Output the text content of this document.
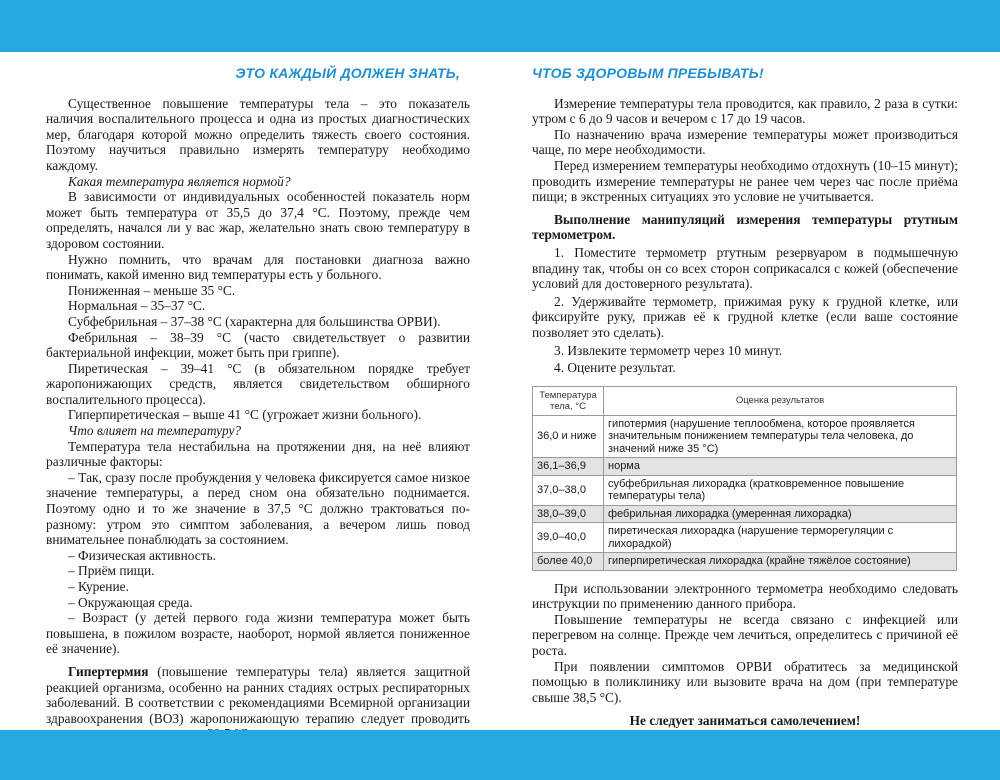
ЭТО КАЖДЫЙ ДОЛЖЕН ЗНАТЬ,

Существенное повышение температуры тела – это показатель наличия воспалительного процесса и одна из простых диагностических мер, благодаря которой можно определить тяжесть своего состояния. Поэтому научиться правильно измерять температуру необходимо каждому.

Какая температура является нормой?

В зависимости от индивидуальных особенностей показатель норм может быть температура от 35,5 до 37,4 °С. Поэтому, прежде чем определять, начался ли у вас жар, желательно знать свою температуру в здоровом состоянии.

Нужно помнить, что врачам для постановки диагноза важно понимать, какой именно вид температуры есть у больного.

Пониженная – меньше 35 °С.

Нормальная – 35–37 °С.

Субфебрильная – 37–38 °С (характерна для большинства ОРВИ).

Фебрильная – 38–39 °С (часто свидетельствует о развитии бактериальной инфекции, может быть при гриппе).

Пиретическая – 39–41 °С (в обязательном порядке требует жаропонижающих средств, является свидетельством обширного воспалительного процесса).

Гиперпиретическая – выше 41 °С (угрожает жизни больного).

Что влияет на температуру?

Температура тела нестабильна на протяжении дня, на неё влияют различные факторы:

– Так, сразу после пробуждения у человека фиксируется самое низкое значение температуры, а перед сном она обязательно поднимается. Поэтому одно и то же значение в 37,5 °С должно трактоваться по-разному: утром это симптом заболевания, а вечером лишь повод внимательнее понаблюдать за состоянием.

– Физическая активность.

– Приём пищи.

– Курение.

– Окружающая среда.

– Возраст (у детей первого года жизни температура может быть повышена, в пожилом возрасте, наоборот, нормой является пониженное её значение).

Гипертермия (повышение температуры тела) является защитной реакцией организма, особенно на ранних стадиях острых респираторных заболеваний. В соответствии с рекомендациями Всемирной организации здравоохранения (ВОЗ) жаропонижающую терапию следует проводить

ЧТОБ ЗДОРОВЫМ ПРЕБЫВАТЬ!

Измерение температуры тела проводится, как правило, 2 раза в сутки: утром с 6 до 9 часов и вечером с 17 до 19 часов.

По назначению врача измерение температуры может производиться чаще, по мере необходимости.

Перед измерением температуры необходимо отдохнуть (10–15 минут); проводить измерение температуры не ранее чем через час после приёма пищи; в экстренных ситуациях это условие не учитывается.

Выполнение манипуляций измерения температуры ртутным термометром.

1. Поместите термометр ртутным резервуаром в подмышечную впадину так, чтобы он со всех сторон соприкасался с кожей (обеспечение условий для достоверного результата).

2. Удерживайте термометр, прижимая руку к грудной клетке, или фиксируйте руку, прижав её к грудной клетке (если ваше состояние позволяет это сделать).

3. Извлеките термометр через 10 минут.

4. Оцените результат.

Температура тела, °С	Оценка результатов
36,0 и ниже	гипотермия (нарушение теплообмена, которое проявляется значительным понижением температуры тела человека, до значений ниже 35 °С)
36,1–36,9	норма
37,0–38,0	субфебрильная лихорадка (кратковременное повышение температуры тела)
38,0–39,0	фебрильная лихорадка (умеренная лихорадка)
39,0–40,0	пиретическая лихорадка (нарушение терморегуляции с лихорадкой)
более 40,0	гиперпиретическая лихорадка (крайне тяжёлое состояние)

При использовании электронного термометра необходимо следовать инструкции по применению данного прибора.

Повышение температуры не всегда связано с инфекцией или перегревом на солнце. Прежде чем лечиться, определитесь с причиной её роста.

При появлении симптомов ОРВИ обратитесь за медицинской помощью в поликлинику или вызовите врача на дом (при температуре свыше 38,5 °С).

Не следует заниматься самолечением!
